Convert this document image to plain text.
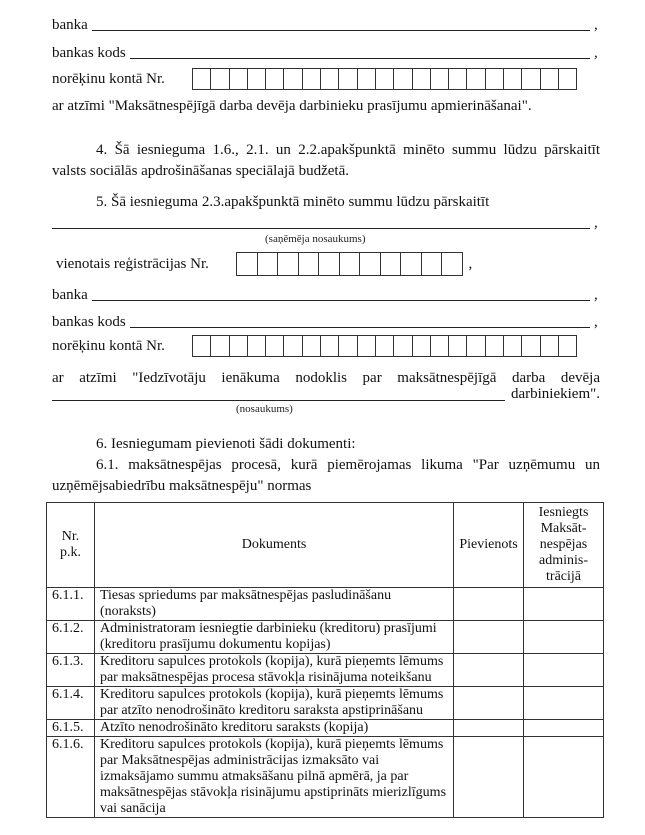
banka	,
bankas kods	,
norēķinu kontā Nr.
ar atzīmi "Maksātnespējīgā darba devēja darbinieku prasījumu apmierināšanai".
4. Šā iesnieguma 1.6., 2.1. un 2.2.apakšpunktā minēto summu lūdzu pārskaitīt valsts sociālās apdrošināšanas speciālajā budžetā.
5. Šā iesnieguma 2.3.apakšpunktā minēto summu lūdzu pārskaitīt
,
(saņēmēja nosaukums)
vienotais reģistrācijas Nr.	,
banka	,
bankas kods	,
norēķinu kontā Nr.
ar atzīmi "Iedzīvotāju ienākuma nodoklis par maksātnespējīgā darba devēja
darbiniekiem".
(nosaukums)
6. Iesniegumam pievienoti šādi dokumenti:
6.1. maksātnespējas procesā, kurā piemērojamas likuma "Par uzņēmumu un uzņēmējsabiedrību maksātnespēju" normas
Nr. p.k.	Dokuments	Pievienots	Iesniegts Maksāt-nespējas adminis-trācijā
6.1.1.	Tiesas spriedums par maksātnespējas pasludināšanu (noraksts)		
6.1.2.	Administratoram iesniegtie darbinieku (kreditoru) prasījumi (kreditoru prasījumu dokumentu kopijas)		
6.1.3.	Kreditoru sapulces protokols (kopija), kurā pieņemts lēmums par maksātnespējas procesa stāvokļa risinājuma noteikšanu		
6.1.4.	Kreditoru sapulces protokols (kopija), kurā pieņemts lēmums par atzīto nenodrošināto kreditoru saraksta apstiprināšanu		
6.1.5.	Atzīto nenodrošināto kreditoru saraksts (kopija)		
6.1.6.	Kreditoru sapulces protokols (kopija), kurā pieņemts lēmums par Maksātnespējas administrācijas izmaksāto vai izmaksājamo summu atmaksāšanu pilnā apmērā, ja par maksātnespējas stāvokļa risinājumu apstiprināts mierizlīgums vai sanācija		
